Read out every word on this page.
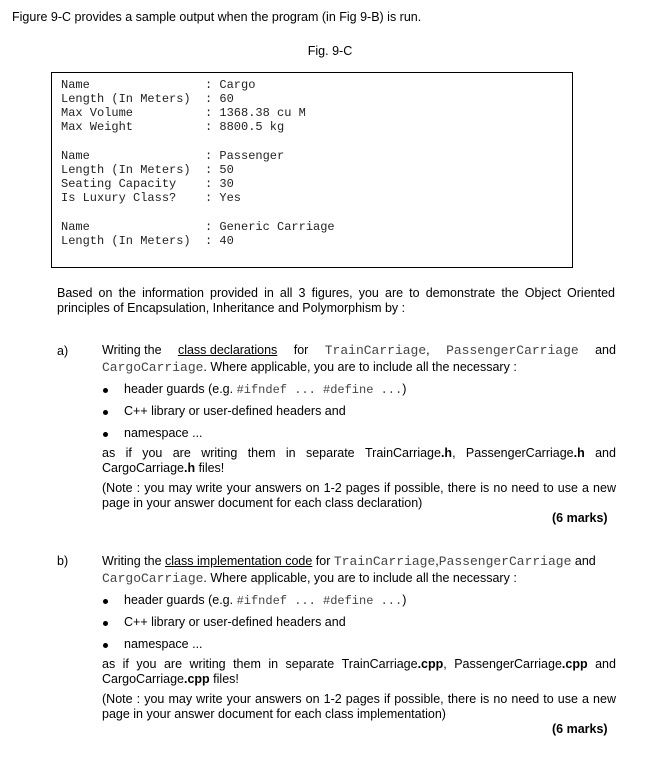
Figure 9-C provides a sample output when the program (in Fig 9-B) is run.
Fig. 9-C
Name	: Cargo
Length (In Meters) : 60
Max Volume	: 1368.38 cu M
Max Weight	: 8800.5 kg
Name	: Passenger
Length (In Meters) : 50
Seating Capacity : 30
Is Luxury Class? : Yes
Name	: Generic Carriage
Length (In Meters) : 40
Based on the information provided in all 3 figures, you are to demonstrate the Object Oriented principles of Encapsulation, Inheritance and Polymorphism by :
a)	Writing the class declarations for TrainCarriage, PassengerCarriage and
CargoCarriage. Where applicable, you are to include all the necessary :
header guards (e.g. #ifndef ... #define ...)
C++ library or user-defined headers and
namespace ...
as if you are writing them in separate TrainCarriage.h, PassengerCarriage.h and
CargoCarriage.h files!
(Note : you may write your answers on 1-2 pages if possible, there is no need to use a new page in your answer document for each class declaration)
(6 marks)
b)	Writing the class implementation code for TrainCarriage,PassengerCarriage and
CargoCarriage. Where applicable, you are to include all the necessary :
header guards (e.g. #ifndef ... #define ...)
C++ library or user-defined headers and
namespace ...
as if you are writing them in separate TrainCarriage.cpp, PassengerCarriage.cpp and
CargoCarriage.cpp files!
(Note : you may write your answers on 1-2 pages if possible, there is no need to use a new page in your answer document for each class implementation)
(6 marks)
